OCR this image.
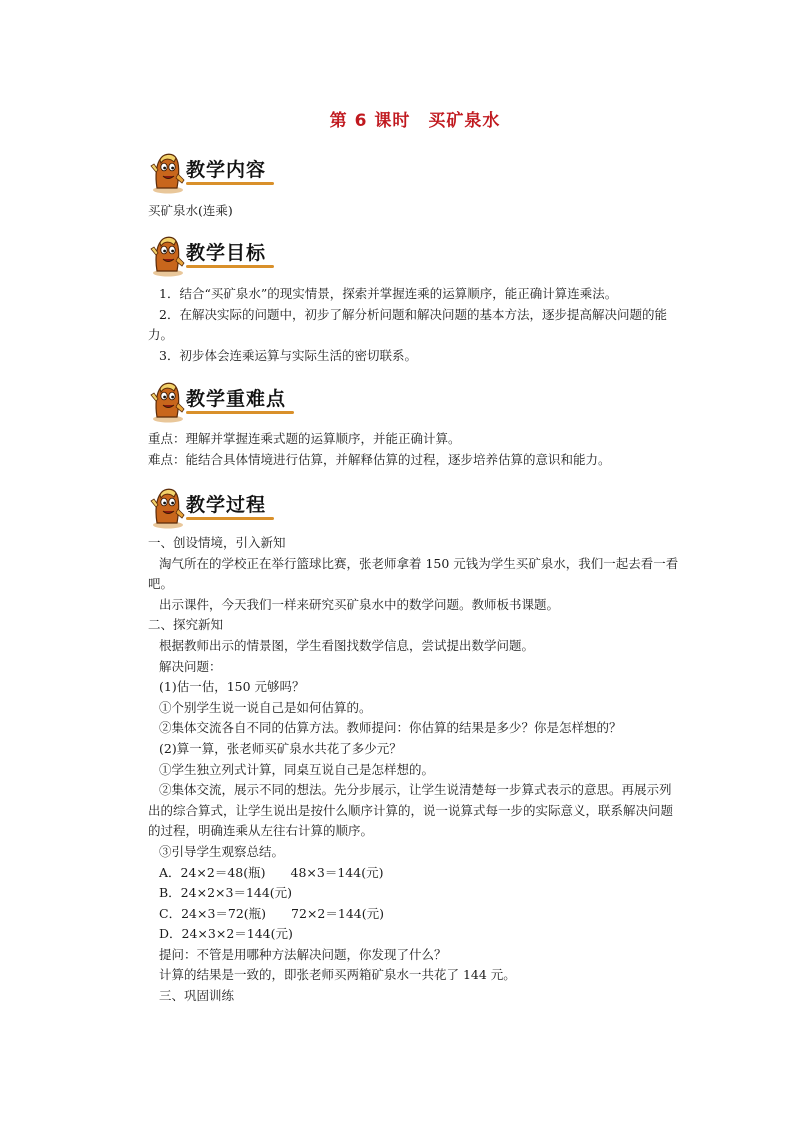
第 6 课时 买矿泉水
教学内容

买矿泉水(连乘)

教学目标

1．结合“买矿泉水”的现实情景，探索并掌握连乘的运算顺序，能正确计算连乘法。

2．在解决实际的问题中，初步了解分析问题和解决问题的基本方法，逐步提高解决问题的能力。

3．初步体会连乘运算与实际生活的密切联系。

教学重难点

重点：理解并掌握连乘式题的运算顺序，并能正确计算。

难点：能结合具体情境进行估算，并解释估算的过程，逐步培养估算的意识和能力。

教学过程

一、创设情境，引入新知

淘气所在的学校正在举行篮球比赛，张老师拿着 150 元钱为学生买矿泉水，我们一起去看一看吧。

出示课件，今天我们一样来研究买矿泉水中的数学问题。教师板书课题。

二、探究新知

根据教师出示的情景图，学生看图找数学信息，尝试提出数学问题。

解决问题：

(1)估一估，150 元够吗？

①个别学生说一说自己是如何估算的。

②集体交流各自不同的估算方法。教师提问：你估算的结果是多少？你是怎样想的？

(2)算一算，张老师买矿泉水共花了多少元？

①学生独立列式计算，同桌互说自己是怎样想的。

②集体交流，展示不同的想法。先分步展示，让学生说清楚每一步算式表示的意思。再展示列出的综合算式，让学生说出是按什么顺序计算的，说一说算式每一步的实际意义，联系解决问题的过程，明确连乘从左往右计算的顺序。

③引导学生观察总结。

A．24×2＝48(瓶)　　48×3＝144(元)

B．24×2×3＝144(元)

C．24×3＝72(瓶)　　72×2＝144(元)

D．24×3×2＝144(元)

提问：不管是用哪种方法解决问题，你发现了什么？

计算的结果是一致的，即张老师买两箱矿泉水一共花了 144 元。

三、巩固训练
